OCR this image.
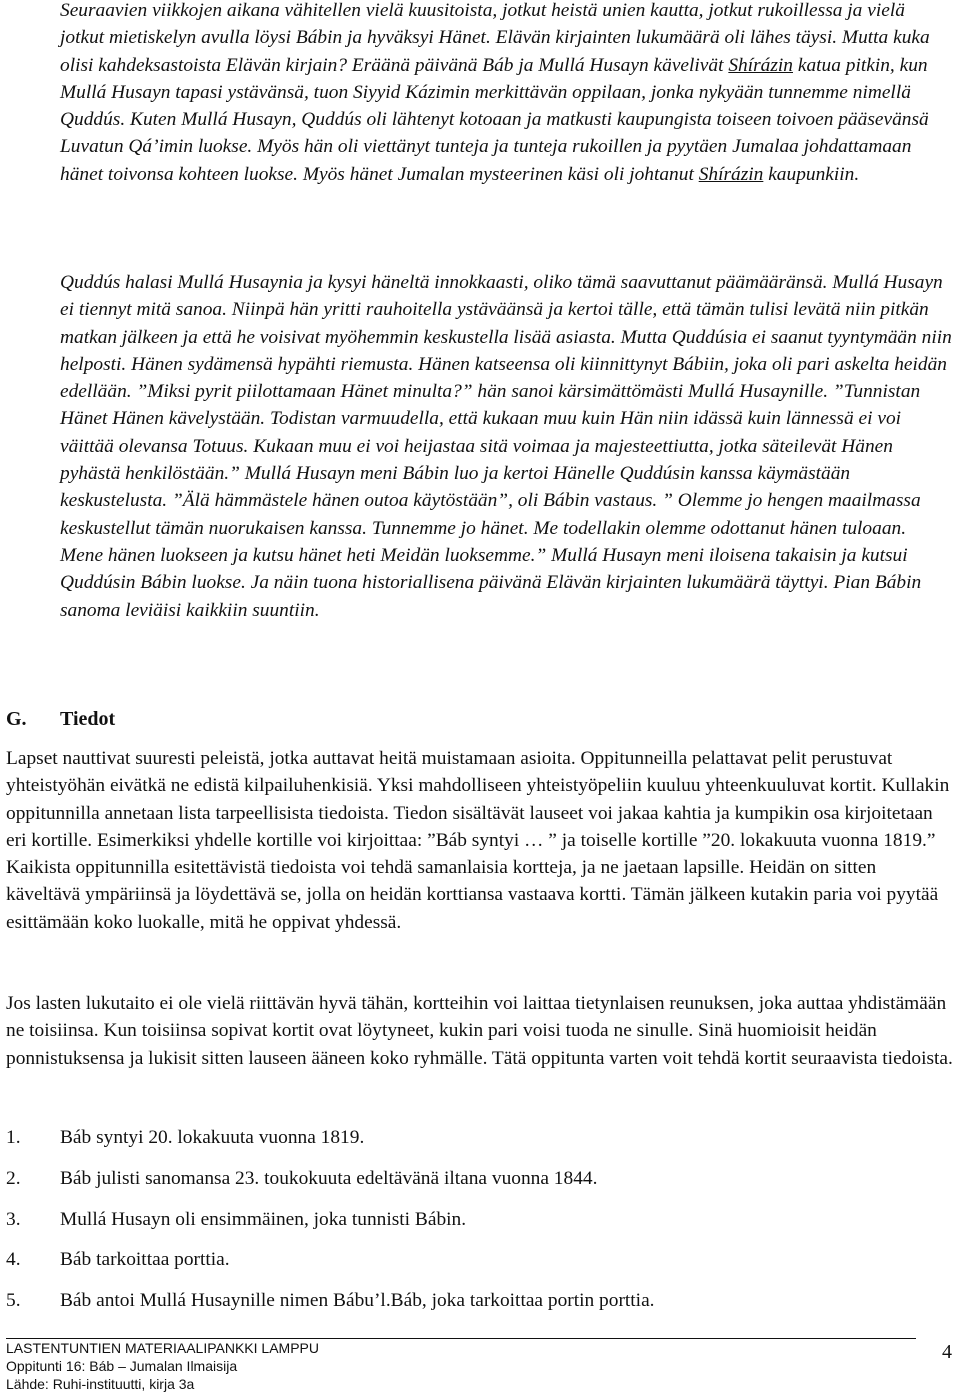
Seuraavien viikkojen aikana vähitellen vielä kuusitoista, jotkut heistä unien kautta, jotkut rukoillessa ja vielä jotkut mietiskelyn avulla löysi Bábin ja hyväksyi Hänet. Elävän kirjainten lukumäärä oli lähes täysi. Mutta kuka olisi kahdeksastoista Elävän kirjain? Eräänä päivänä Báb ja Mullá Husayn kävelivät Shírázin katua pitkin, kun Mullá Husayn tapasi ystävänsä, tuon Siyyid Kázimin merkittävän oppilaan, jonka nykyään tunnemme nimellä Quddús. Kuten Mullá Husayn, Quddús oli lähtenyt kotoaan ja matkusti kaupungista toiseen toivoen pääsevänsä Luvatun Qá’imin luokse. Myös hän oli viettänyt tunteja ja tunteja rukoillen ja pyytäen Jumalaa johdattamaan hänet toivonsa kohteen luokse. Myös hänet Jumalan mysteerinen käsi oli johtanut Shírázin kaupunkiin.

Quddús halasi Mullá Husaynia ja kysyi häneltä innokkaasti, oliko tämä saavuttanut päämääränsä. Mullá Husayn ei tiennyt mitä sanoa. Niinpä hän yritti rauhoitella ystäväänsä ja kertoi tälle, että tämän tulisi levätä niin pitkän matkan jälkeen ja että he voisivat myöhemmin keskustella lisää asiasta. Mutta Quddúsia ei saanut tyyntymään niin helposti. Hänen sydämensä hypähti riemusta. Hänen katseensa oli kiinnittynyt Bábiin, joka oli pari askelta heidän edellään. ”Miksi pyrit piilottamaan Hänet minulta?” hän sanoi kärsimättömästi Mullá Husaynille. ”Tunnistan Hänet Hänen kävelystään. Todistan varmuudella, että kukaan muu kuin Hän niin idässä kuin lännessä ei voi väittää olevansa Totuus. Kukaan muu ei voi heijastaa sitä voimaa ja majesteettiutta, jotka säteilevät Hänen pyhästä henkilöstään.” Mullá Husayn meni Bábin luo ja kertoi Hänelle Quddúsin kanssa käymästään keskustelusta. ”Älä hämmästele hänen outoa käytöstään”, oli Bábin vastaus. ” Olemme jo hengen maailmassa keskustellut tämän nuorukaisen kanssa. Tunnemme jo hänet. Me todellakin olemme odottanut hänen tuloaan. Mene hänen luokseen ja kutsu hänet heti Meidän luoksemme.” Mullá Husayn meni iloisena takaisin ja kutsui Quddúsin Bábin luokse. Ja näin tuona historiallisena päivänä Elävän kirjainten lukumäärä täyttyi. Pian Bábin sanoma leviäisi kaikkiin suuntiin.

G. Tiedot

Lapset nauttivat suuresti peleistä, jotka auttavat heitä muistamaan asioita. Oppitunneilla pelattavat pelit perustuvat yhteistyöhän eivätkä ne edistä kilpailuhenkisiä. Yksi mahdolliseen yhteistyöpeliin kuuluu yhteenkuuluvat kortit. Kullakin oppitunnilla annetaan lista tarpeellisista tiedoista. Tiedon sisältävät lauseet voi jakaa kahtia ja kumpikin osa kirjoitetaan eri kortille. Esimerkiksi yhdelle kortille voi kirjoittaa: ”Báb syntyi … ” ja toiselle kortille ”20. lokakuuta vuonna 1819.” Kaikista oppitunnilla esitettävistä tiedoista voi tehdä samanlaisia kortteja, ja ne jaetaan lapsille. Heidän on sitten käveltävä ympäriinsä ja löydettävä se, jolla on heidän korttiansa vastaava kortti. Tämän jälkeen kutakin paria voi pyytää esittämään koko luokalle, mitä he oppivat yhdessä.

Jos lasten lukutaito ei ole vielä riittävän hyvä tähän, kortteihin voi laittaa tietynlaisen reunuksen, joka auttaa yhdistämään ne toisiinsa. Kun toisiinsa sopivat kortit ovat löytyneet, kukin pari voisi tuoda ne sinulle. Sinä huomioisit heidän ponnistuksensa ja lukisit sitten lauseen ääneen koko ryhmälle. Tätä oppitunta varten voit tehdä kortit seuraavista tiedoista.

1. Báb syntyi 20. lokakuuta vuonna 1819.
2. Báb julisti sanomansa 23. toukokuuta edeltävänä iltana vuonna 1844.
3. Mullá Husayn oli ensimmäinen, joka tunnisti Bábin.
4. Báb tarkoittaa porttia.
5. Báb antoi Mullá Husaynille nimen Bábu’l.Báb, joka tarkoittaa portin porttia.
LASTENTUNTIEN MATERIAALIPANKKI LAMPPU
Oppitunti 16: Báb – Jumalan Ilmaisija
Lähde: Ruhi-instituutti, kirja 3a
4
